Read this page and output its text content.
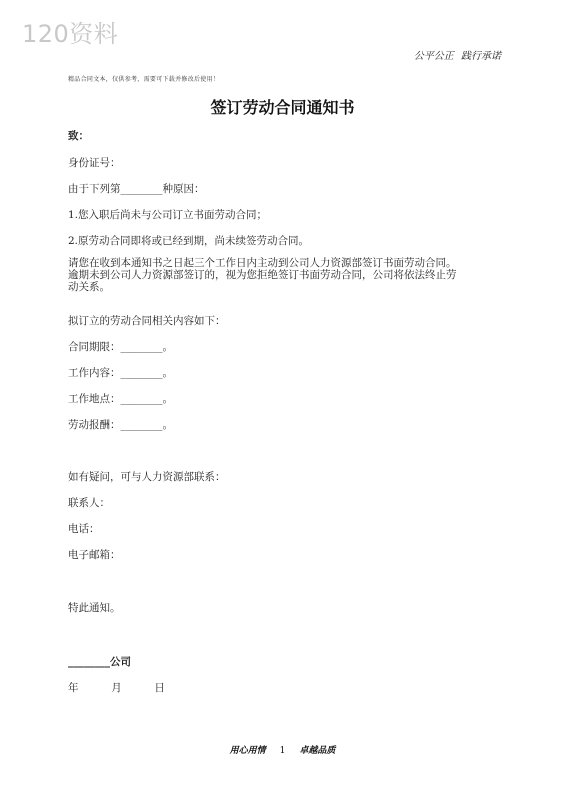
120资料
公平公正 践行承诺
精品合同文本，仅供参考，需要可下载并修改后使用！
签订劳动合同通知书
致：
身份证号：
由于下列第________种原因：
1.您入职后尚未与公司订立书面劳动合同；
2.原劳动合同即将或已经到期，尚未续签劳动合同。

请您在收到本通知书之日起三个工作日内主动到公司人力资源部签订书面劳动合同。

逾期未到公司人力资源部签订的，视为您拒绝签订书面劳动合同，公司将依法终止劳

动关系。

拟订立的劳动合同相关内容如下：
合同期限：________。
工作内容：________。
工作地点：________。
劳动报酬：________。
如有疑问，可与人力资源部联系：
联系人：
电话：
电子邮箱：
特此通知。
________公司
年	月	日
用心用情 1 卓越品质
